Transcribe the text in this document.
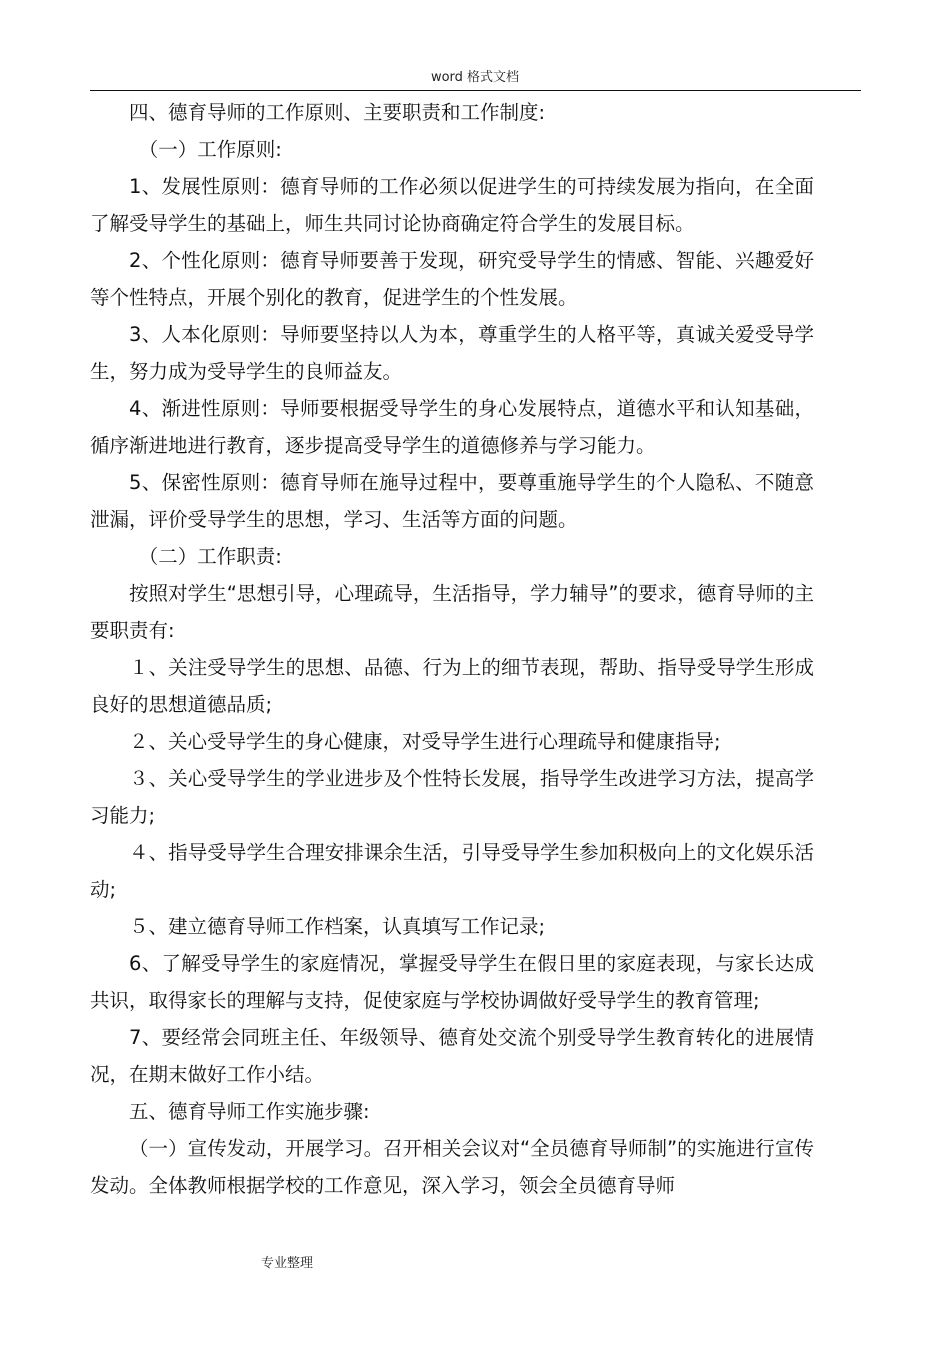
word 格式文档

四、德育导师的工作原则、主要职责和工作制度:

（一）工作原则:

1、发展性原则：德育导师的工作必须以促进学生的可持续发展为指向，在全面了解受导学生的基础上，师生共同讨论协商确定符合学生的发展目标。

2、个性化原则：德育导师要善于发现，研究受导学生的情感、智能、兴趣爱好等个性特点，开展个别化的教育，促进学生的个性发展。

3、人本化原则：导师要坚持以人为本，尊重学生的人格平等，真诚关爱受导学生，努力成为受导学生的良师益友。

4、渐进性原则：导师要根据受导学生的身心发展特点，道德水平和认知基础，循序渐进地进行教育，逐步提高受导学生的道德修养与学习能力。

5、保密性原则：德育导师在施导过程中，要尊重施导学生的个人隐私、不随意泄漏，评价受导学生的思想，学习、生活等方面的问题。

（二）工作职责:

按照对学生“思想引导，心理疏导，生活指导，学力辅导”的要求，德育导师的主要职责有:

１、关注受导学生的思想、品德、行为上的细节表现，帮助、指导受导学生形成良好的思想道德品质;

２、关心受导学生的身心健康，对受导学生进行心理疏导和健康指导;

３、关心受导学生的学业进步及个性特长发展，指导学生改进学习方法，提高学习能力;

４、指导受导学生合理安排课余生活，引导受导学生参加积极向上的文化娱乐活动;

５、建立德育导师工作档案，认真填写工作记录;

6、了解受导学生的家庭情况，掌握受导学生在假日里的家庭表现，与家长达成共识，取得家长的理解与支持，促使家庭与学校协调做好受导学生的教育管理;

7、要经常会同班主任、年级领导、德育处交流个别受导学生教育转化的进展情况，在期末做好工作小结。

五、德育导师工作实施步骤:

（一）宣传发动，开展学习。召开相关会议对“全员德育导师制”的实施进行宣传发动。全体教师根据学校的工作意见，深入学习，领会全员德育导师

专业整理
